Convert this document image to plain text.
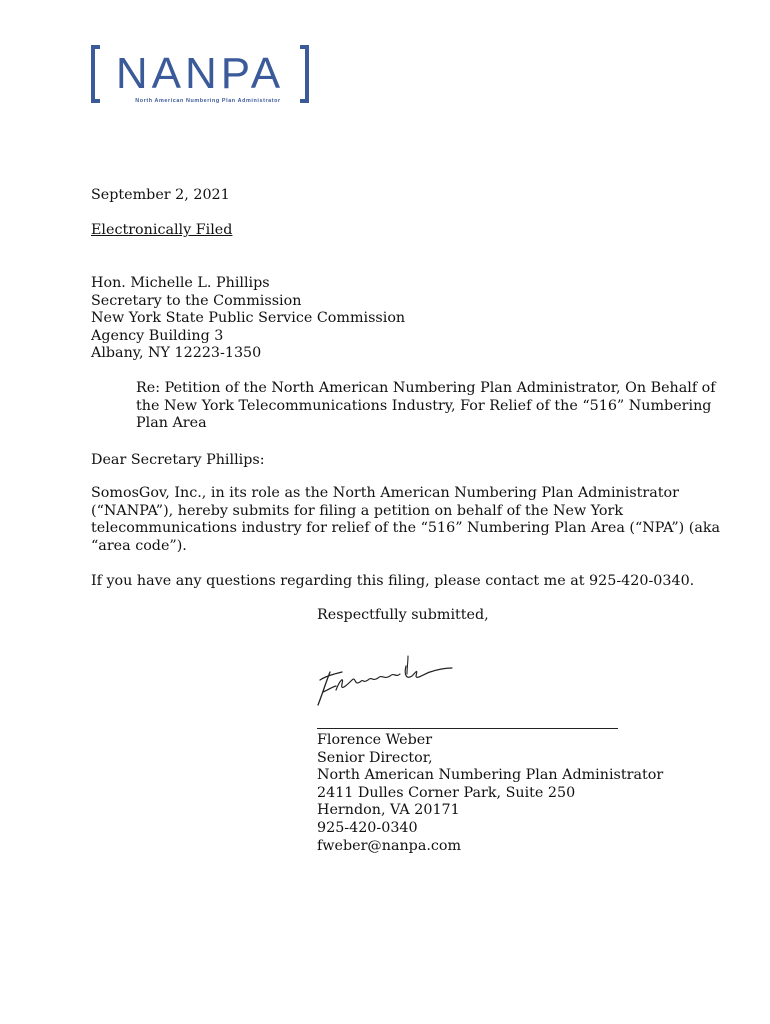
NANPA
North American Numbering Plan Administrator
September 2, 2021
Electronically Filed
Hon. Michelle L. Phillips
Secretary to the Commission
New York State Public Service Commission
Agency Building 3
Albany, NY 12223-1350
Re: Petition of the North American Numbering Plan Administrator, On Behalf of
the New York Telecommunications Industry, For Relief of the “516” Numbering
Plan Area
Dear Secretary Phillips:
SomosGov, Inc., in its role as the North American Numbering Plan Administrator
(“NANPA”), hereby submits for filing a petition on behalf of the New York
telecommunications industry for relief of the “516” Numbering Plan Area (“NPA”) (aka
“area code”).
If you have any questions regarding this filing, please contact me at 925-420-0340.
Respectfully submitted,
Florence Weber
Senior Director,
North American Numbering Plan Administrator
2411 Dulles Corner Park, Suite 250
Herndon, VA 20171
925-420-0340
fweber@nanpa.com
